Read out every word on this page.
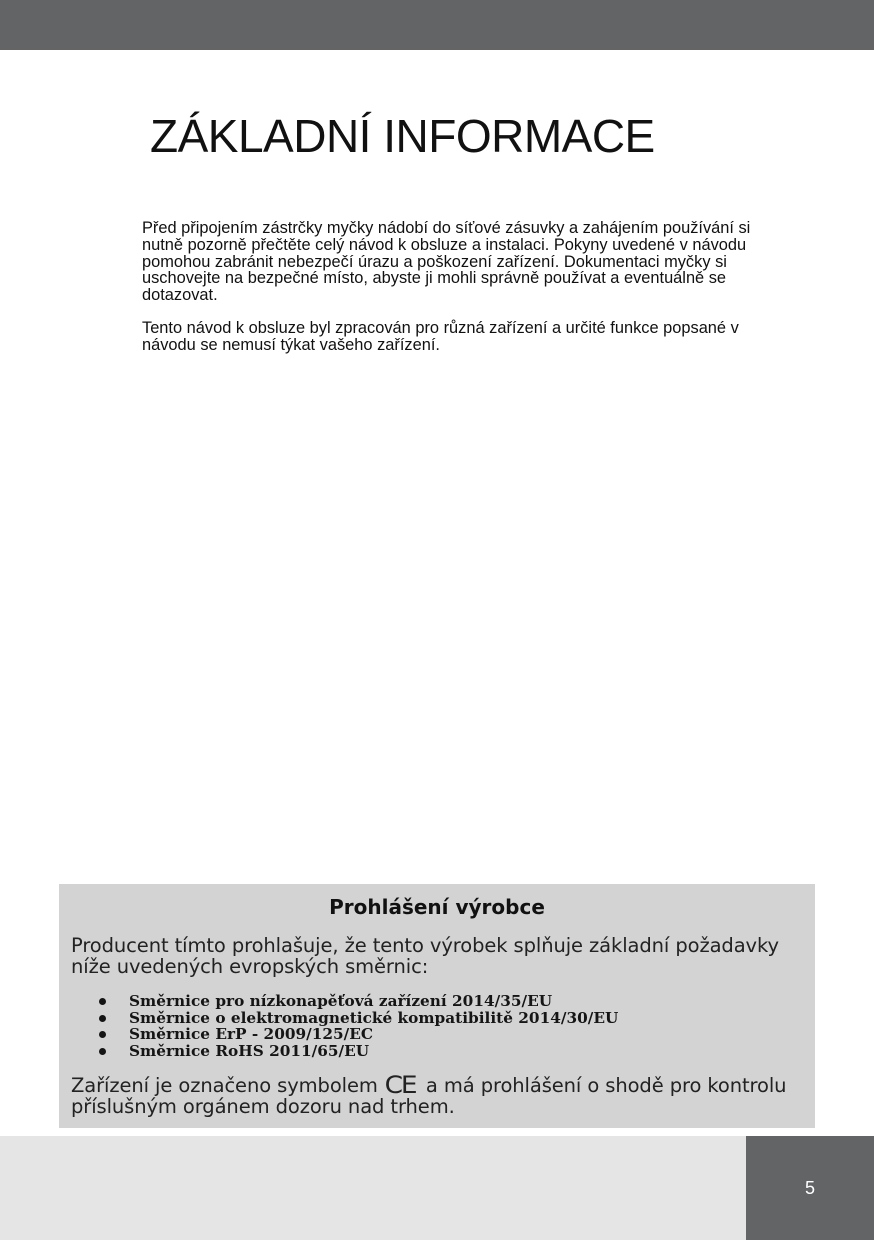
ZÁKLADNÍ INFORMACE

Před připojením zástrčky myčky nádobí do síťové zásuvky a zahájením používání si nutně pozorně přečtěte celý návod k obsluze a instalaci. Pokyny uvedené v návodu pomohou zabránit nebezpečí úrazu a poškození zařízení. Dokumentaci myčky si uschovejte na bezpečné místo, abyste ji mohli správně používat a eventuálně se dotazovat.

Tento návod k obsluze byl zpracován pro různá zařízení a určité funkce popsané v návodu se nemusí týkat vašeho zařízení.

Prohlášení výrobce

Producent tímto prohlašuje, že tento výrobek splňuje základní požadavky níže uvedených evropských směrnic:

Směrnice pro nízkonapěťová zařízení 2014/35/EU
Směrnice o elektromagnetické kompatibilitě 2014/30/EU
Směrnice ErP - 2009/125/EC
Směrnice RoHS 2011/65/EU

Zařízení je označeno symbolem CE a má prohlášení o shodě pro kontrolu příslušným orgánem dozoru nad trhem.

5
